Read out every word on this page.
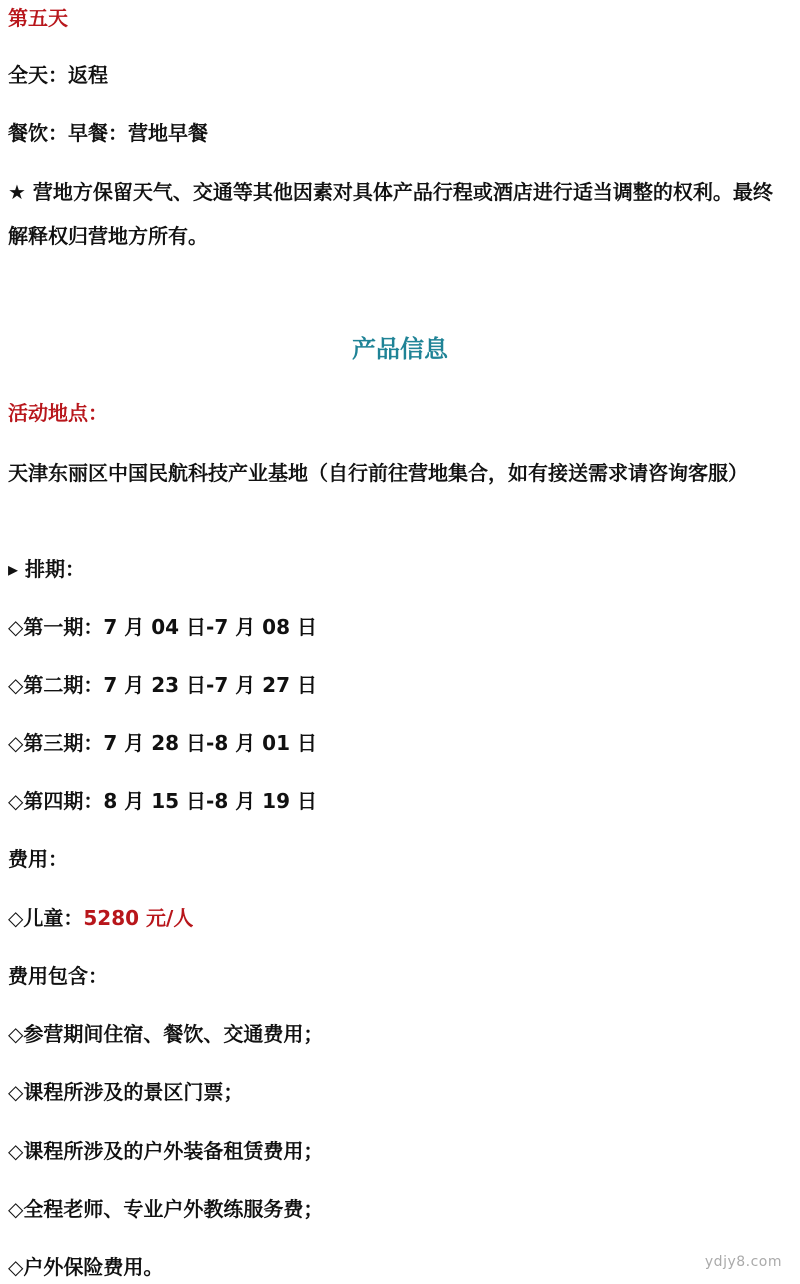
第五天
全天：返程
餐饮：早餐：营地早餐
★ 营地方保留天气、交通等其他因素对具体产品行程或酒店进行适当调整的权利。最终解释权归营地方所有。
产品信息
活动地点：
天津东丽区中国民航科技产业基地（自行前往营地集合，如有接送需求请咨询客服）
▸ 排期：
◇第一期：7 月 04 日-7 月 08 日
◇第二期：7 月 23 日-7 月 27 日
◇第三期：7 月 28 日-8 月 01 日
◇第四期：8 月 15 日-8 月 19 日
费用：
◇儿童：5280 元/人
费用包含：
◇参营期间住宿、餐饮、交通费用；
◇课程所涉及的景区门票；
◇课程所涉及的户外装备租赁费用；
◇全程老师、专业户外教练服务费；
◇户外保险费用。	ydjy8.com
